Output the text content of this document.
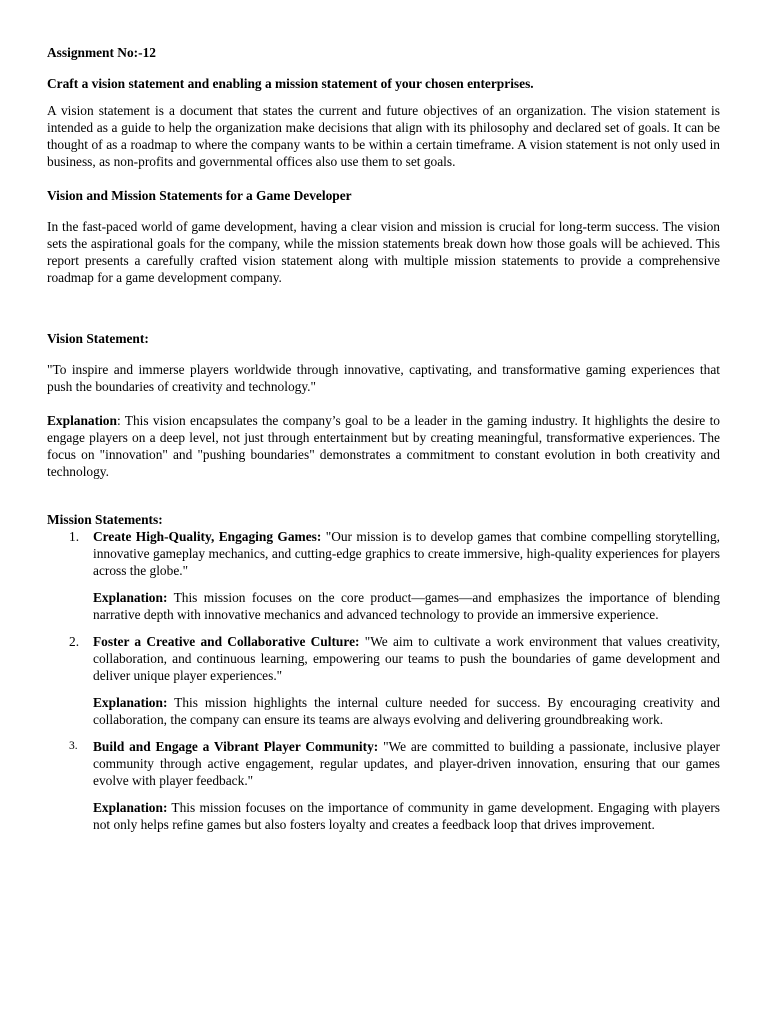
Assignment No:-12

Craft a vision statement and enabling a mission statement of your chosen enterprises.

A vision statement is a document that states the current and future objectives of an organization. The vision statement is intended as a guide to help the organization make decisions that align with its philosophy and declared set of goals. It can be thought of as a roadmap to where the company wants to be within a certain timeframe. A vision statement is not only used in business, as non-profits and governmental offices also use them to set goals.

Vision and Mission Statements for a Game Developer

In the fast-paced world of game development, having a clear vision and mission is crucial for long-term success. The vision sets the aspirational goals for the company, while the mission statements break down how those goals will be achieved. This report presents a carefully crafted vision statement along with multiple mission statements to provide a comprehensive roadmap for a game development company.

Vision Statement:

"To inspire and immerse players worldwide through innovative, captivating, and transformative gaming experiences that push the boundaries of creativity and technology."

Explanation: This vision encapsulates the company’s goal to be a leader in the gaming industry. It highlights the desire to engage players on a deep level, not just through entertainment but by creating meaningful, transformative experiences. The focus on "innovation" and "pushing boundaries" demonstrates a commitment to constant evolution in both creativity and technology.

Mission Statements:

1. Create High-Quality, Engaging Games: "Our mission is to develop games that combine compelling storytelling, innovative gameplay mechanics, and cutting-edge graphics to create immersive, high-quality experiences for players across the globe."

Explanation: This mission focuses on the core product—games—and emphasizes the importance of blending narrative depth with innovative mechanics and advanced technology to provide an immersive experience.

2. Foster a Creative and Collaborative Culture: "We aim to cultivate a work environment that values creativity, collaboration, and continuous learning, empowering our teams to push the boundaries of game development and deliver unique player experiences."

Explanation: This mission highlights the internal culture needed for success. By encouraging creativity and collaboration, the company can ensure its teams are always evolving and delivering groundbreaking work.

3. Build and Engage a Vibrant Player Community: "We are committed to building a passionate, inclusive player community through active engagement, regular updates, and player-driven innovation, ensuring that our games evolve with player feedback."

Explanation: This mission focuses on the importance of community in game development. Engaging with players not only helps refine games but also fosters loyalty and creates a feedback loop that drives improvement.
